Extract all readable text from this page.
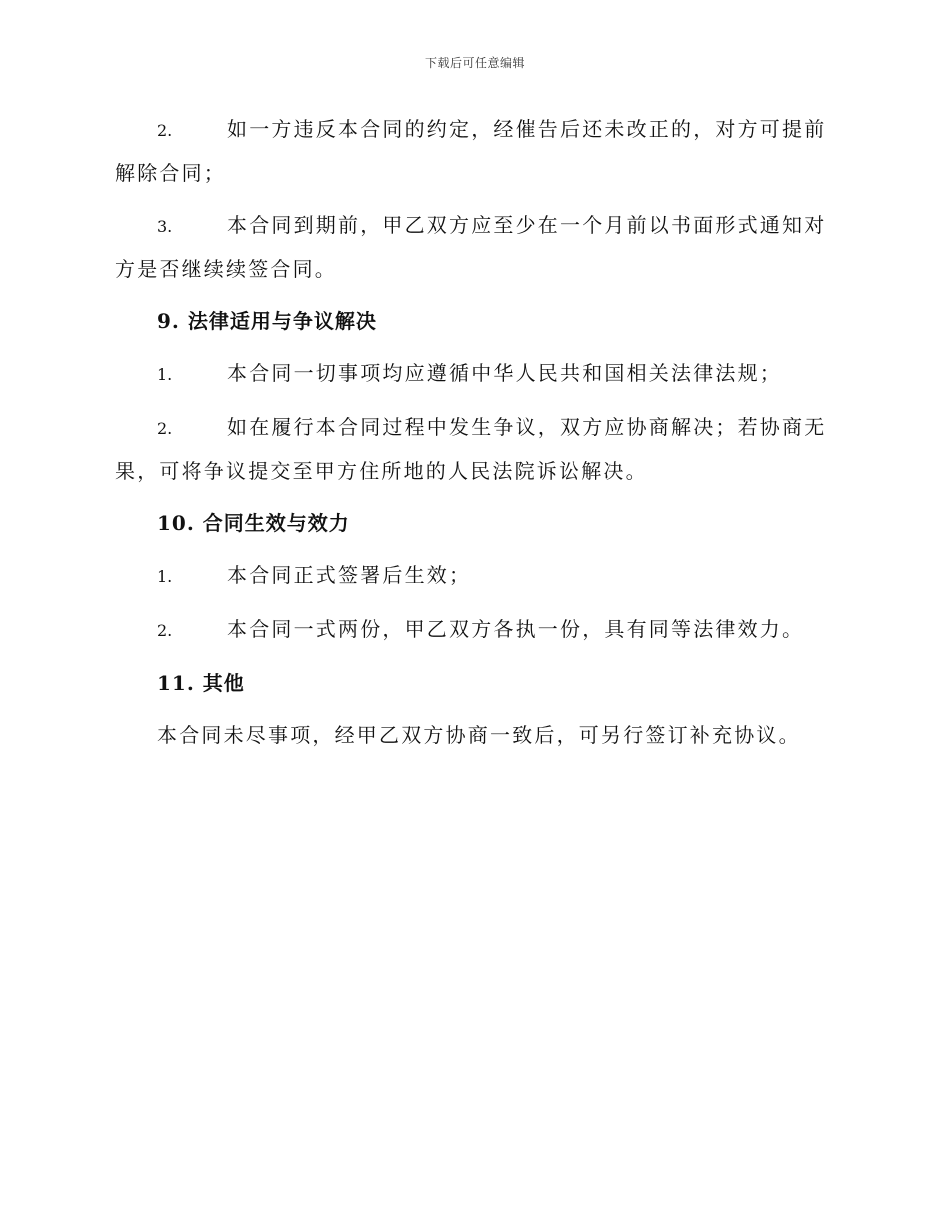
下载后可任意编辑

2.	如一方违反本合同的约定，经催告后还未改正的，对方可提前解除合同；

3.	本合同到期前，甲乙双方应至少在一个月前以书面形式通知对方是否继续续签合同。

9. 法律适用与争议解决

1.	本合同一切事项均应遵循中华人民共和国相关法律法规；

2.	如在履行本合同过程中发生争议，双方应协商解决；若协商无果，可将争议提交至甲方住所地的人民法院诉讼解决。

10. 合同生效与效力

1.	本合同正式签署后生效；

2.	本合同一式两份，甲乙双方各执一份，具有同等法律效力。

11. 其他

本合同未尽事项，经甲乙双方协商一致后，可另行签订补充协议。
